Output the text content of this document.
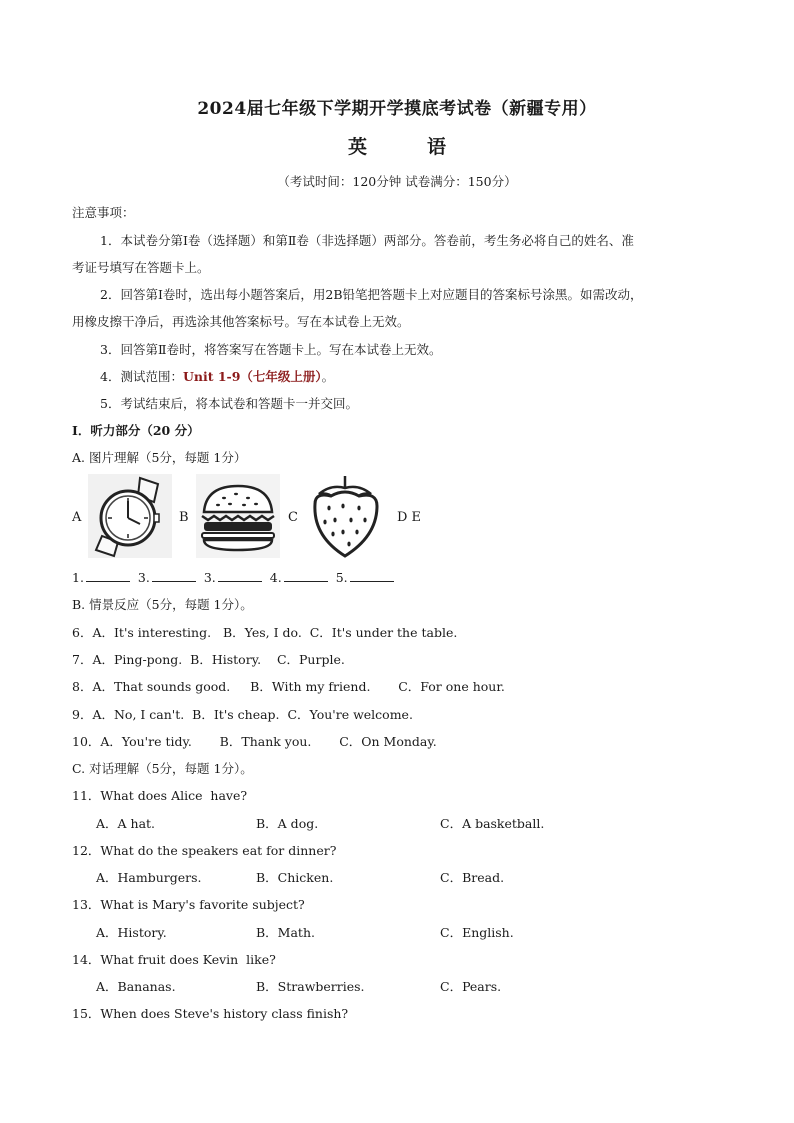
2024届七年级下学期开学摸底考试卷（新疆专用）
英	语
（考试时间：120分钟 试卷满分：150分）
注意事项：
1．本试卷分第Ⅰ卷（选择题）和第Ⅱ卷（非选择题）两部分。答卷前，考生务必将自己的姓名、准
考证号填写在答题卡上。
2．回答第Ⅰ卷时，选出每小题答案后，用2B铅笔把答题卡上对应题目的答案标号涂黑。如需改动，
用橡皮擦干净后，再选涂其他答案标号。写在本试卷上无效。
3．回答第Ⅱ卷时，将答案写在答题卡上。写在本试卷上无效。
4．测试范围：Unit 1-9（七年级上册）。
5．考试结束后，将本试卷和答题卡一并交回。
Ⅰ．听力部分（20 分）
A. 图片理解（5分，每题 1分）
A	B	C	D E
1.	3.	3.	4.	5.
B. 情景反应（5分，每题 1分）。
6．A．It's interesting.   B．Yes, I do.  C．It's under the table.
7．A．Ping-pong.  B．History.    C．Purple.
8．A．That sounds good.     B．With my friend.       C．For one hour.
9．A．No, I can't.  B．It's cheap.  C．You're welcome.
10．A．You're tidy.       B．Thank you.       C．On Monday.
C. 对话理解（5分，每题 1分）。
11．What does Alice  have?
A．A hat.	B．A dog.	C．A basketball.
12．What do the speakers eat for dinner?
A．Hamburgers.	B．Chicken.	C．Bread.
13．What is Mary's favorite subject?
A．History.	B．Math.	C．English.
14．What fruit does Kevin  like?
A．Bananas.	B．Strawberries.	C．Pears.
15．When does Steve's history class finish?
